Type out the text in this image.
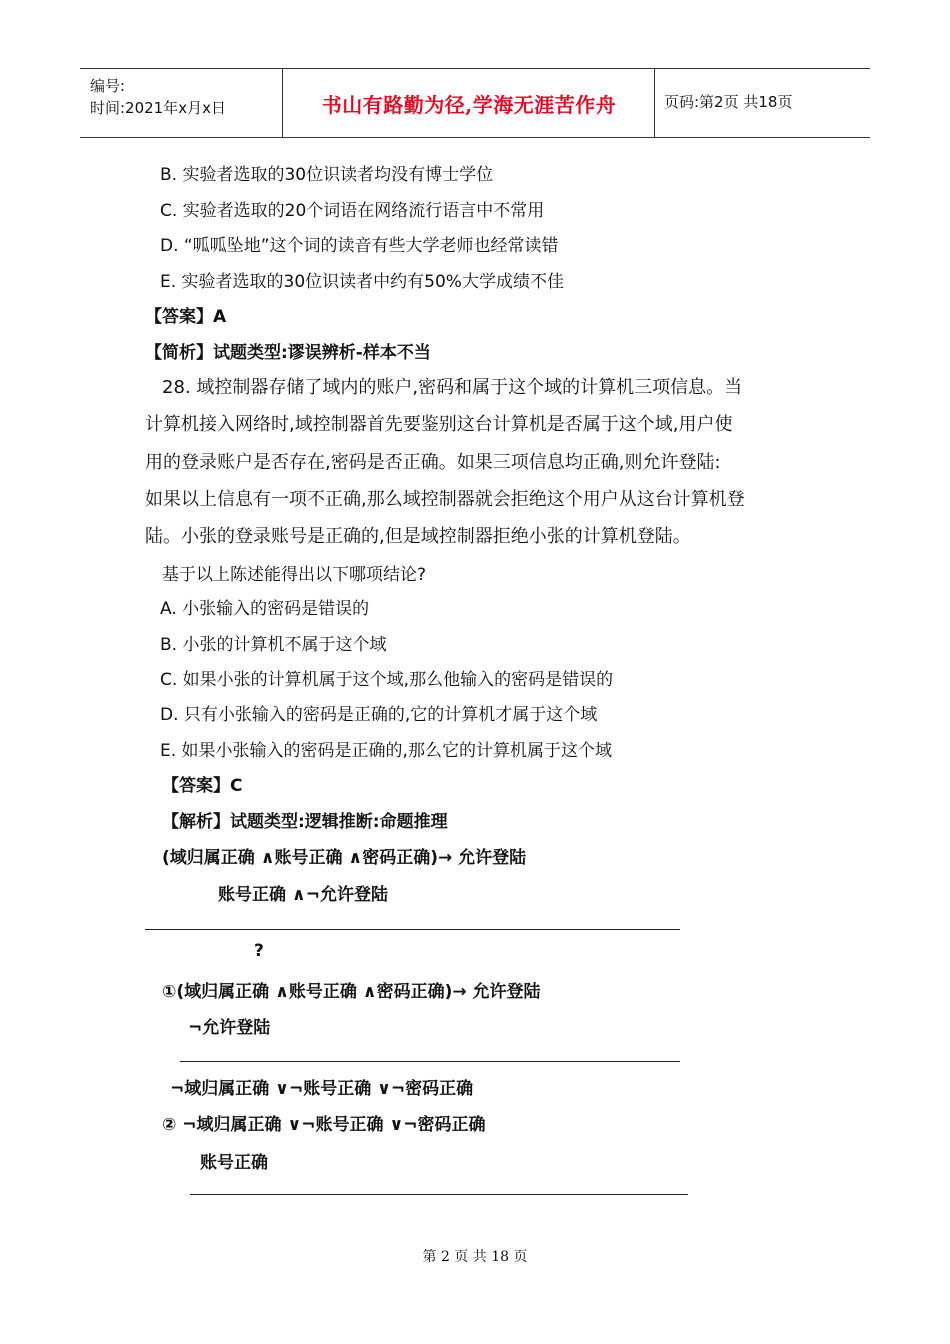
编号:
时间:2021年x月x日	书山有路勤为径,学海无涯苦作舟	页码:第2页 共18页
B. 实验者选取的30位识读者均没有博士学位
C. 实验者选取的20个词语在网络流行语言中不常用
D. “呱呱坠地”这个词的读音有些大学老师也经常读错
E. 实验者选取的30位识读者中约有50%大学成绩不佳
【答案】A
【简析】试题类型:谬误辨析-样本不当
28. 域控制器存储了域内的账户,密码和属于这个域的计算机三项信息。当
计算机接入网络时,域控制器首先要鉴别这台计算机是否属于这个域,用户使
用的登录账户是否存在,密码是否正确。如果三项信息均正确,则允许登陆:
如果以上信息有一项不正确,那么域控制器就会拒绝这个用户从这台计算机登
陆。小张的登录账号是正确的,但是域控制器拒绝小张的计算机登陆。
基于以上陈述能得出以下哪项结论?
A. 小张输入的密码是错误的
B. 小张的计算机不属于这个域
C. 如果小张的计算机属于这个域,那么他输入的密码是错误的
D. 只有小张输入的密码是正确的,它的计算机才属于这个域
E. 如果小张输入的密码是正确的,那么它的计算机属于这个域
【答案】C
【解析】试题类型:逻辑推断:命题推理
(域归属正确 ∧账号正确 ∧密码正确)→ 允许登陆
账号正确 ∧¬允许登陆
?
①(域归属正确 ∧账号正确 ∧密码正确)→ 允许登陆
¬允许登陆
¬域归属正确 ∨¬账号正确 ∨¬密码正确
② ¬域归属正确 ∨¬账号正确 ∨¬密码正确
账号正确
第 2 页 共 18 页
